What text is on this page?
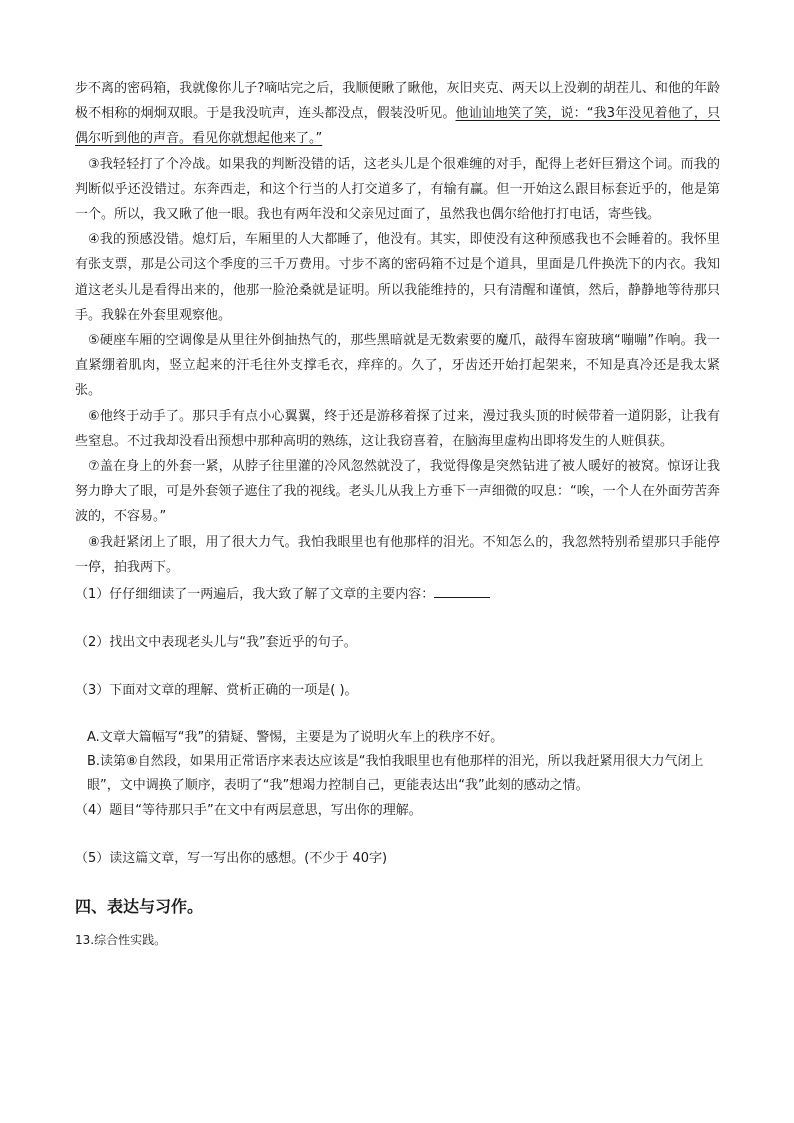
步不离的密码箱，我就像你儿子?嘀咕完之后，我顺便瞅了瞅他，灰旧夹克、两天以上没剃的胡茬儿、和他的年龄极不相称的炯炯双眼。于是我没吭声，连头都没点，假装没听见。他讪讪地笑了笑，说：“我3年没见着他了，只偶尔听到他的声音。看见你就想起他来了。”

③我轻轻打了个冷战。如果我的判断没错的话，这老头儿是个很难缠的对手，配得上老奸巨猾这个词。而我的判断似乎还没错过。东奔西走，和这个行当的人打交道多了，有输有赢。但一开始这么跟目标套近乎的，他是第一个。所以，我又瞅了他一眼。我也有两年没和父亲见过面了，虽然我也偶尔给他打打电话，寄些钱。

④我的预感没错。熄灯后，车厢里的人大都睡了，他没有。其实，即使没有这种预感我也不会睡着的。我怀里有张支票，那是公司这个季度的三千万费用。寸步不离的密码箱不过是个道具，里面是几件换洗下的内衣。我知道这老头儿是看得出来的，他那一脸沧桑就是证明。所以我能维持的，只有清醒和谨慎，然后，静静地等待那只手。我躲在外套里观察他。

⑤硬座车厢的空调像是从里往外倒抽热气的，那些黑暗就是无数索要的魔爪，敲得车窗玻璃“嘣嘣”作响。我一直紧绷着肌肉，竖立起来的汗毛往外支撑毛衣，痒痒的。久了，牙齿还开始打起架来，不知是真冷还是我太紧张。

⑥他终于动手了。那只手有点小心翼翼，终于还是游移着探了过来，漫过我头顶的时候带着一道阴影，让我有些窒息。不过我却没看出预想中那种高明的熟练，这让我窃喜着，在脑海里虚构出即将发生的人赃俱获。

⑦盖在身上的外套一紧，从脖子往里灌的冷风忽然就没了，我觉得像是突然钻进了被人暖好的被窝。惊讶让我努力睁大了眼，可是外套领子遮住了我的视线。老头儿从我上方垂下一声细微的叹息：“唉，一个人在外面劳苦奔波的，不容易。”

⑧我赶紧闭上了眼，用了很大力气。我怕我眼里也有他那样的泪光。不知怎么的，我忽然特别希望那只手能停一停，拍我两下。

（1）仔仔细细读了一两遍后，我大致了解了文章的主要内容：

（2）找出文中表现老头儿与“我”套近乎的句子。

（3）下面对文章的理解、赏析正确的一项是( )。

A.文章大篇幅写“我”的猜疑、警惕，主要是为了说明火车上的秩序不好。

B.读第⑧自然段，如果用正常语序来表达应该是“我怕我眼里也有他那样的泪光，所以我赶紧用很大力气闭上眼”，文中调换了顺序，表明了“我”想竭力控制自己，更能表达出“我”此刻的感动之情。

（4）题目“等待那只手”在文中有两层意思，写出你的理解。

（5）读这篇文章，写一写出你的感想。(不少于 40字)

四、表达与习作。

13.综合性实践。
